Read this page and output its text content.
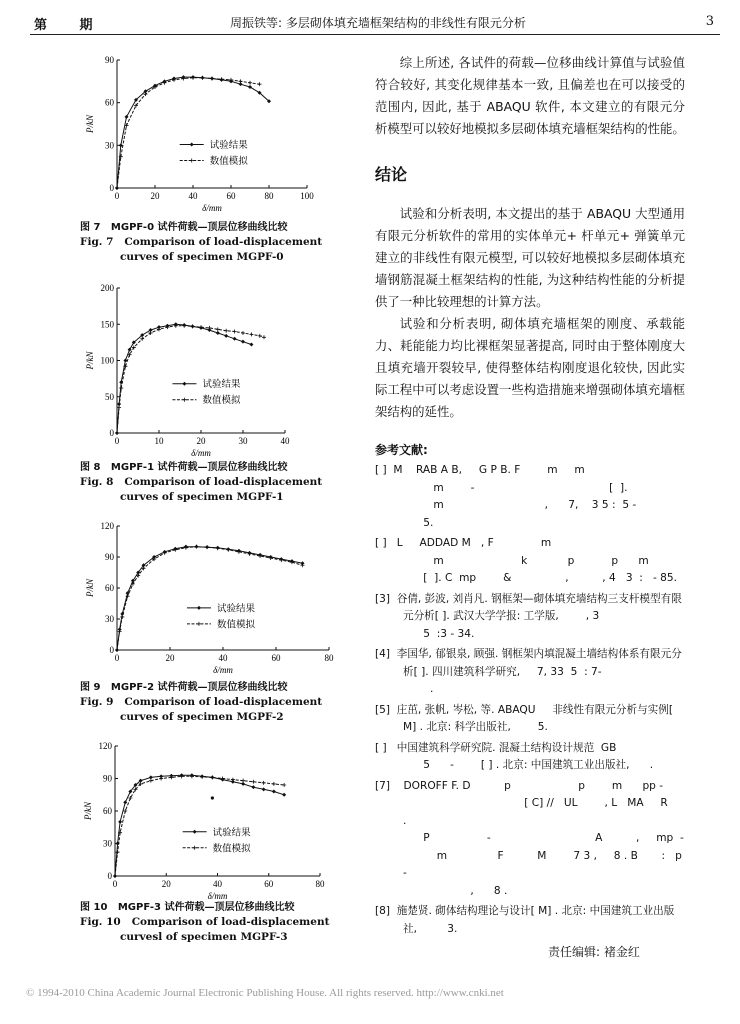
第 期	周振铁等: 多层砌体填充墙框架结构的非线性有限元分析	3
0	20	40	60	80	100
0
30
60
90
δ/mm
P/kN
试验结果
数值模拟
图 7 MGPF-0 试件荷载—顶层位移曲线比较
Fig. 7 Comparison of load-displacement curves of specimen MGPF-0
0	10	20	30	40
0
50
100
150
200
δ/mm
P/kN
试验结果
数值模拟
图 8 MGPF-1 试件荷载—顶层位移曲线比较
Fig. 8 Comparison of load-displacement curves of specimen MGPF-1
0	20	40	60	80
0
30
60
90
120
δ/mm
P/kN
试验结果
数值模拟
图 9 MGPF-2 试件荷载—顶层位移曲线比较
Fig. 9 Comparison of load-displacement curves of specimen MGPF-2
0	20	40	60	80
0
30
60
90
120
δ/mm
P/kN
试验结果
数值模拟
图 10 MGPF-3 试件荷载—顶层位移曲线比较
Fig. 10 Comparison of load-displacement curvesl of specimen MGPF-3

综上所述, 各试件的荷载—位移曲线计算值与试验值符合较好, 其变化规律基本一致, 且偏差也在可以接受的范围内, 因此, 基于 ABAQU 软件, 本文建立的有限元分析模型可以较好地模拟多层砌体填充墙框架结构的性能。

结论

试验和分析表明, 本文提出的基于 ABAQU 大型通用有限元分析软件的常用的实体单元+ 杆单元+ 弹簧单元建立的非线性有限元模型, 可以较好地模拟多层砌体填充墙钢筋混凝土框架结构的性能, 为这种结构性能的分析提供了一种比较理想的计算方法。

试验和分析表明, 砌体填充墙框架的刚度、承载能力、耗能能力均比裸框架显著提高, 同时由于整体刚度大且填充墙开裂较早, 使得整体结构刚度退化较快, 因此实际工程中可以考虑设置一些构造措施来增强砌体填充墙框架结构的延性。

参考文献:

[ ]  M    RAB A B,     G P B. F        m     m
m        -                                        [  ].
m                              ,      7,    3 5 :  5 -
5.

[ ]   L     ADDAD M   , F              m
m                       k            p           p      m
[  ]. C  mp        &                ,          , 4   3  :   - 85.

[3]  谷倩, 彭波, 刘肖凡. 钢框架—砌体填充墙结构三支杆模型有限元分析[ ]. 武汉大学学报: 工学版,        , 3
5  :3 - 34.

[4]  李国华, 郁银泉, 顾强. 钢框架内填混凝土墙结构体系有限元分析[ ]. 四川建筑科学研究,     7, 33  5  : 7-
.

[5]  庄茁, 张帆, 岑松, 等. ABAQU     非线性有限元分析与实例[ M] . 北京: 科学出版社,        5.

[ ]   中国建筑科学研究院. 混凝土结构设计规范  GB
5      -        [ ] . 北京: 中国建筑工业出版社,      .

[7]    DOROFF F. D          p                    p        m      pp -
[ C] //   UL        , L   MA     R     .
P                 -                               A          ,     mp  -
m               F          M        7 3 ,     8 . B       :   p      -
,      8 .

[8]  施楚贤. 砌体结构理论与设计[ M] . 北京: 中国建筑工业出版社,         3.

责任编辑: 褚金红
© 1994-2010 China Academic Journal Electronic Publishing House. All rights reserved. http://www.cnki.net
